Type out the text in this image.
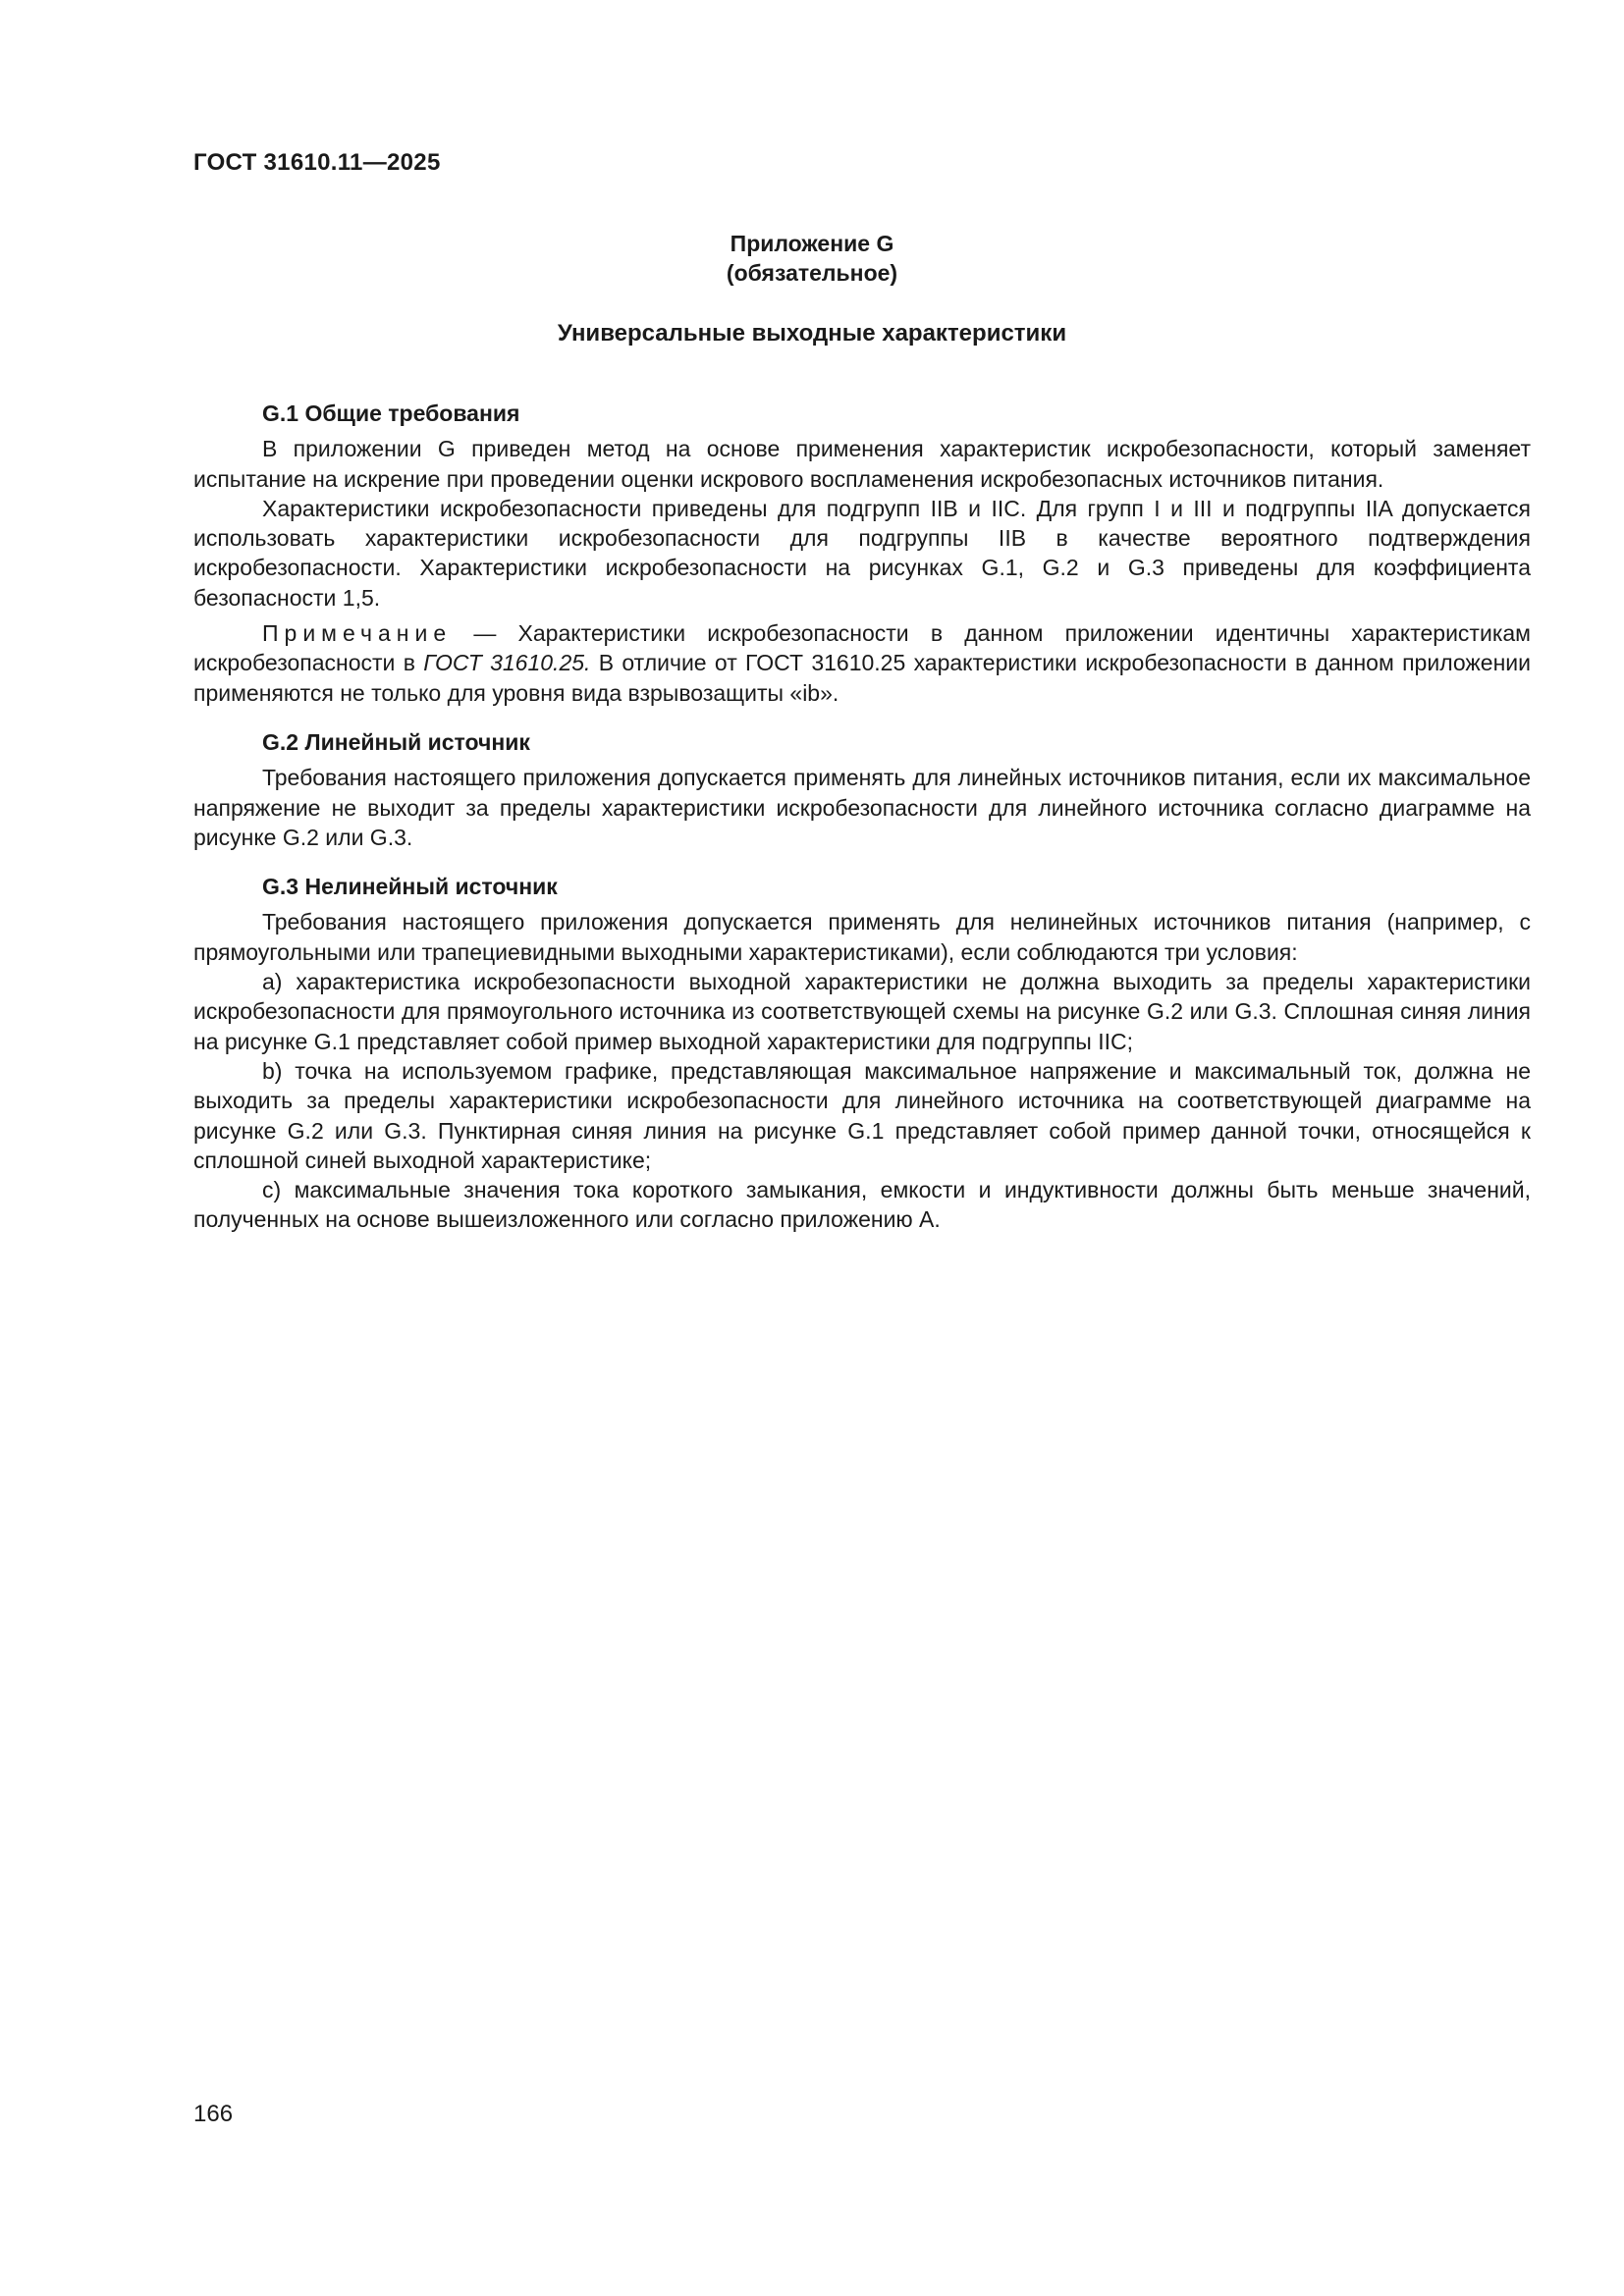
ГОСТ 31610.11—2025
Приложение G
(обязательное)
Универсальные выходные характеристики

G.1 Общие требования

В приложении G приведен метод на основе применения характеристик искробезопасности, который заменяет испытание на искрение при проведении оценки искрового воспламенения искробезопасных источников питания.

Характеристики искробезопасности приведены для подгрупп IIB и IIC. Для групп I и III и подгруппы IIA допускается использовать характеристики искробезопасности для подгруппы IIB в качестве вероятного подтверждения искробезопасности. Характеристики искробезопасности на рисунках G.1, G.2 и G.3 приведены для коэффициента безопасности 1,5.

Примечание — Характеристики искробезопасности в данном приложении идентичны характеристикам искробезопасности в ГОСТ 31610.25. В отличие от ГОСТ 31610.25 характеристики искробезопасности в данном приложении применяются не только для уровня вида взрывозащиты «ib».

G.2 Линейный источник

Требования настоящего приложения допускается применять для линейных источников питания, если их максимальное напряжение не выходит за пределы характеристики искробезопасности для линейного источника согласно диаграмме на рисунке G.2 или G.3.

G.3 Нелинейный источник

Требования настоящего приложения допускается применять для нелинейных источников питания (например, с прямоугольными или трапециевидными выходными характеристиками), если соблюдаются три условия:

a) характеристика искробезопасности выходной характеристики не должна выходить за пределы характеристики искробезопасности для прямоугольного источника из соответствующей схемы на рисунке G.2 или G.3. Сплошная синяя линия на рисунке G.1 представляет собой пример выходной характеристики для подгруппы IIC;

b) точка на используемом графике, представляющая максимальное напряжение и максимальный ток, должна не выходить за пределы характеристики искробезопасности для линейного источника на соответствующей диаграмме на рисунке G.2 или G.3. Пунктирная синяя линия на рисунке G.1 представляет собой пример данной точки, относящейся к сплошной синей выходной характеристике;

c) максимальные значения тока короткого замыкания, емкости и индуктивности должны быть меньше значений, полученных на основе вышеизложенного или согласно приложению A.

166
